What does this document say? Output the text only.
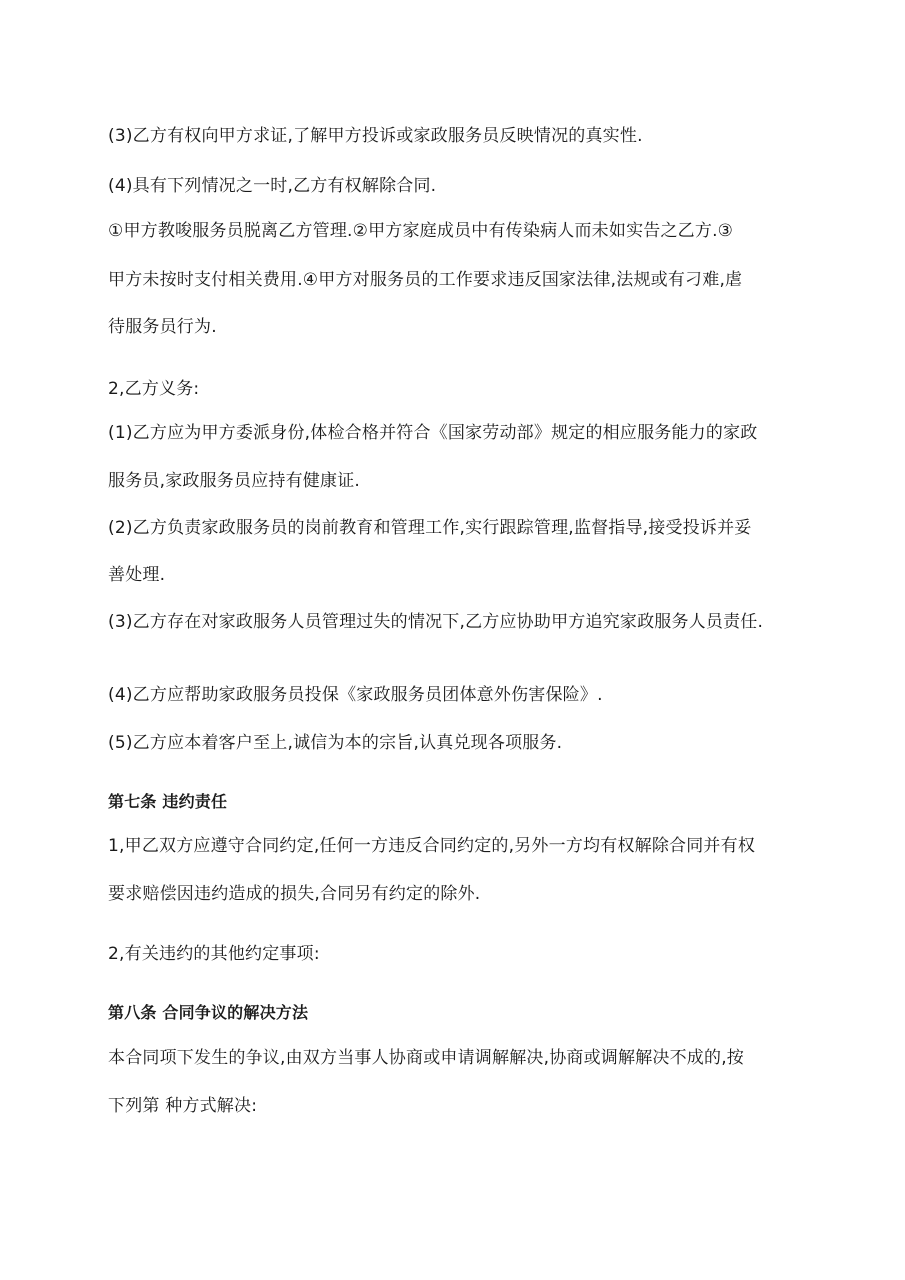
(3)乙方有权向甲方求证,了解甲方投诉或家政服务员反映情况的真实性.
(4)具有下列情况之一时,乙方有权解除合同.
①甲方教唆服务员脱离乙方管理.②甲方家庭成员中有传染病人而未如实告之乙方.③
甲方未按时支付相关费用.④甲方对服务员的工作要求违反国家法律,法规或有刁难,虐
待服务员行为.
2,乙方义务:
(1)乙方应为甲方委派身份,体检合格并符合《国家劳动部》规定的相应服务能力的家政
服务员,家政服务员应持有健康证.
(2)乙方负责家政服务员的岗前教育和管理工作,实行跟踪管理,监督指导,接受投诉并妥
善处理.
(3)乙方存在对家政服务人员管理过失的情况下,乙方应协助甲方追究家政服务人员责任.
(4)乙方应帮助家政服务员投保《家政服务员团体意外伤害保险》.
(5)乙方应本着客户至上,诚信为本的宗旨,认真兑现各项服务.
第七条 违约责任
1,甲乙双方应遵守合同约定,任何一方违反合同约定的,另外一方均有权解除合同并有权
要求赔偿因违约造成的损失,合同另有约定的除外.
2,有关违约的其他约定事项:
第八条 合同争议的解决方法
本合同项下发生的争议,由双方当事人协商或申请调解解决,协商或调解解决不成的,按
下列第 种方式解决:
